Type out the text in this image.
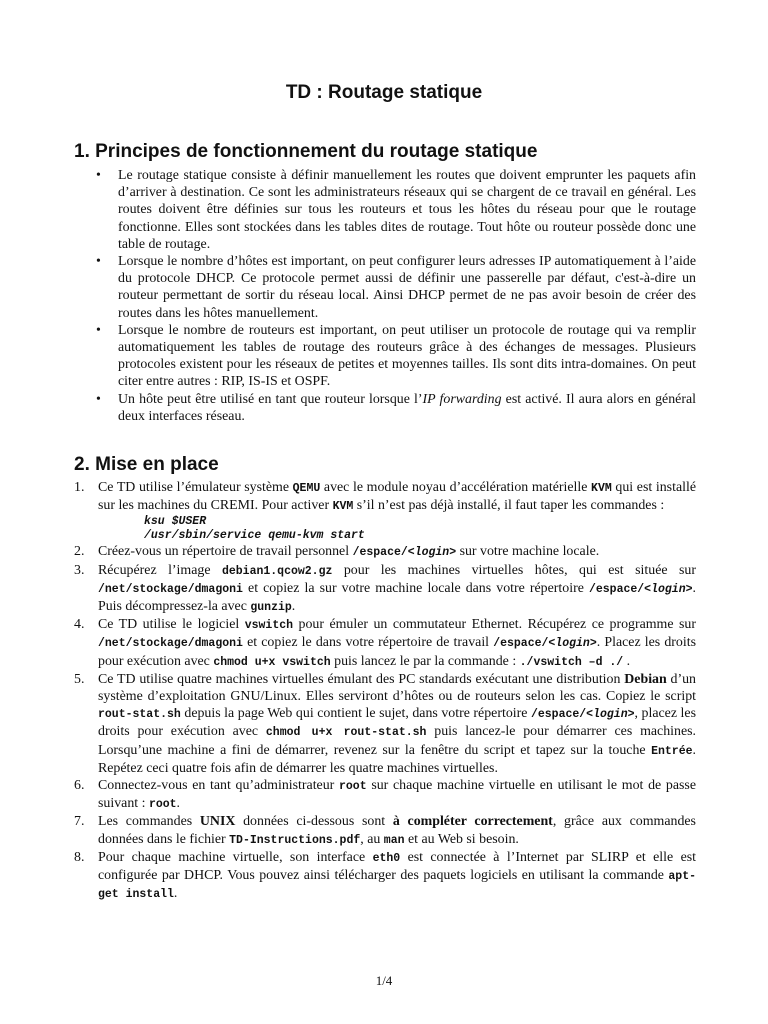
TD : Routage statique
1. Principes de fonctionnement du routage statique
• Le routage statique consiste à définir manuellement les routes que doivent emprunter les paquets afin d’arriver à destination. Ce sont les administrateurs réseaux qui se chargent de ce travail en général. Les routes doivent être définies sur tous les routeurs et tous les hôtes du réseau pour que le routage fonctionne. Elles sont stockées dans les tables dites de routage. Tout hôte ou routeur possède donc une table de routage.
• Lorsque le nombre d’hôtes est important, on peut configurer leurs adresses IP automatiquement à l’aide du protocole DHCP. Ce protocole permet aussi de définir une passerelle par défaut, c'est-à-dire un routeur permettant de sortir du réseau local. Ainsi DHCP permet de ne pas avoir besoin de créer des routes dans les hôtes manuellement.
• Lorsque le nombre de routeurs est important, on peut utiliser un protocole de routage qui va remplir automatiquement les tables de routage des routeurs grâce à des échanges de messages. Plusieurs protocoles existent pour les réseaux de petites et moyennes tailles. Ils sont dits intra-domaines. On peut citer entre autres : RIP, IS-IS et OSPF.
• Un hôte peut être utilisé en tant que routeur lorsque l’IP forwarding est activé. Il aura alors en général deux interfaces réseau.
2. Mise en place
1. Ce TD utilise l’émulateur système QEMU avec le module noyau d’accélération matérielle KVM qui est installé sur les machines du CREMI. Pour activer KVM s’il n’est pas déjà installé, il faut taper les commandes :
ksu $USER
/usr/sbin/service qemu-kvm start
2. Créez-vous un répertoire de travail personnel /espace/<login> sur votre machine locale.
3. Récupérez l’image debian1.qcow2.gz pour les machines virtuelles hôtes, qui est située sur /net/stockage/dmagoni et copiez la sur votre machine locale dans votre répertoire /espace/<login>. Puis décompressez-la avec gunzip.
4. Ce TD utilise le logiciel vswitch pour émuler un commutateur Ethernet. Récupérez ce programme sur /net/stockage/dmagoni et copiez le dans votre répertoire de travail /espace/<login>. Placez les droits pour exécution avec chmod u+x vswitch puis lancez le par la commande : ./vswitch –d ./ .
5. Ce TD utilise quatre machines virtuelles émulant des PC standards exécutant une distribution Debian d’un système d’exploitation GNU/Linux. Elles serviront d’hôtes ou de routeurs selon les cas. Copiez le script rout-stat.sh depuis la page Web qui contient le sujet, dans votre répertoire /espace/<login>, placez les droits pour exécution avec chmod u+x rout-stat.sh puis lancez-le pour démarrer ces machines. Lorsqu’une machine a fini de démarrer, revenez sur la fenêtre du script et tapez sur la touche Entrée. Repétez ceci quatre fois afin de démarrer les quatre machines virtuelles.
6. Connectez-vous en tant qu’administrateur root sur chaque machine virtuelle en utilisant le mot de passe suivant : root.
7. Les commandes UNIX données ci-dessous sont à compléter correctement, grâce aux commandes données dans le fichier TD-Instructions.pdf, au man et au Web si besoin.
8. Pour chaque machine virtuelle, son interface eth0 est connectée à l’Internet par SLIRP et elle est configurée par DHCP. Vous pouvez ainsi télécharger des paquets logiciels en utilisant la commande apt-get install.
1/4
